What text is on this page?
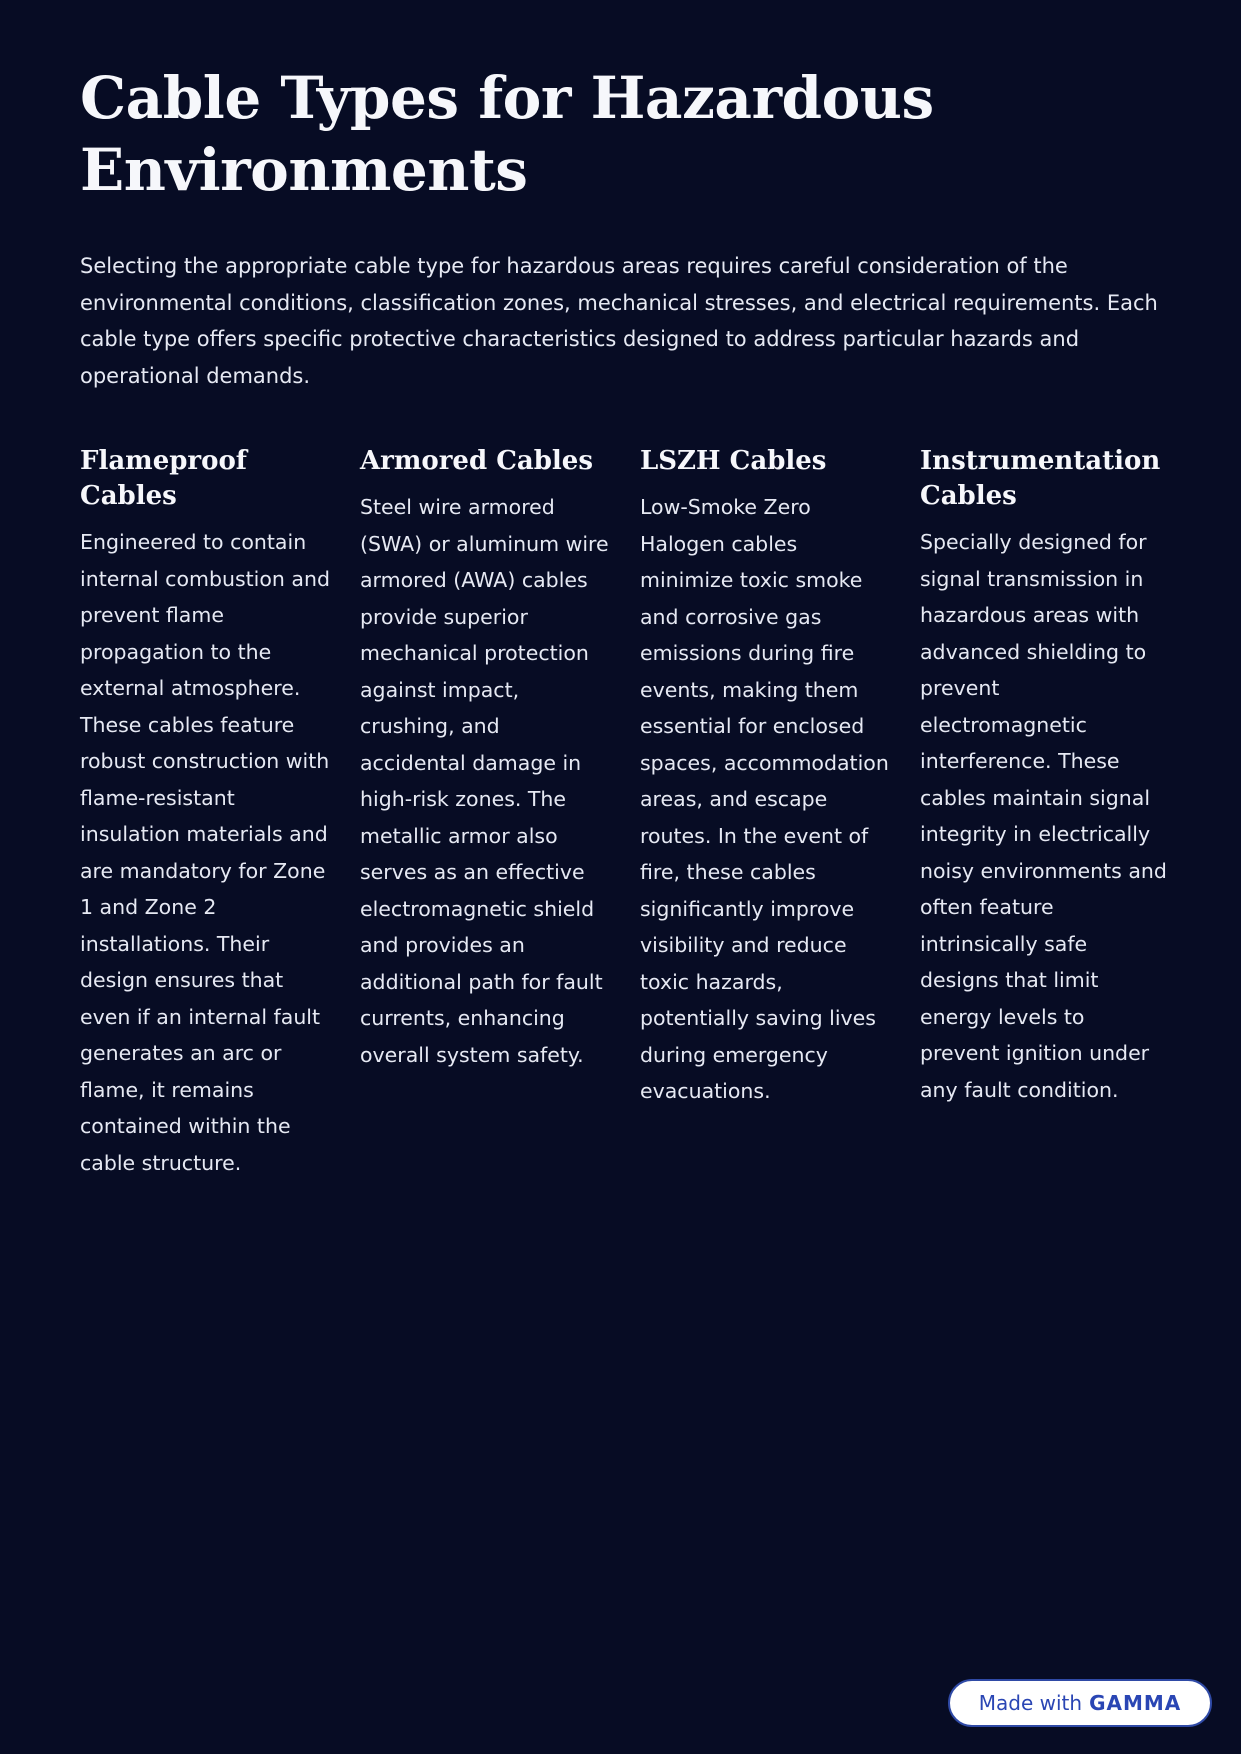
Cable Types for Hazardous Environments

Selecting the appropriate cable type for hazardous areas requires careful consideration of the environmental conditions, classification zones, mechanical stresses, and electrical requirements. Each cable type offers specific protective characteristics designed to address particular hazards and operational demands.

Flameproof Cables

Engineered to contain internal combustion and prevent flame propagation to the external atmosphere. These cables feature robust construction with flame-resistant insulation materials and are mandatory for Zone 1 and Zone 2 installations. Their design ensures that even if an internal fault generates an arc or flame, it remains contained within the cable structure.

Armored Cables

Steel wire armored (SWA) or aluminum wire armored (AWA) cables provide superior mechanical protection against impact, crushing, and accidental damage in high-risk zones. The metallic armor also serves as an effective electromagnetic shield and provides an additional path for fault currents, enhancing overall system safety.

LSZH Cables

Low-Smoke Zero Halogen cables minimize toxic smoke and corrosive gas emissions during fire events, making them essential for enclosed spaces, accommodation areas, and escape routes. In the event of fire, these cables significantly improve visibility and reduce toxic hazards, potentially saving lives during emergency evacuations.

Instrumentation Cables

Specially designed for signal transmission in hazardous areas with advanced shielding to prevent electromagnetic interference. These cables maintain signal integrity in electrically noisy environments and often feature intrinsically safe designs that limit energy levels to prevent ignition under any fault condition.

Made with GAMMA
